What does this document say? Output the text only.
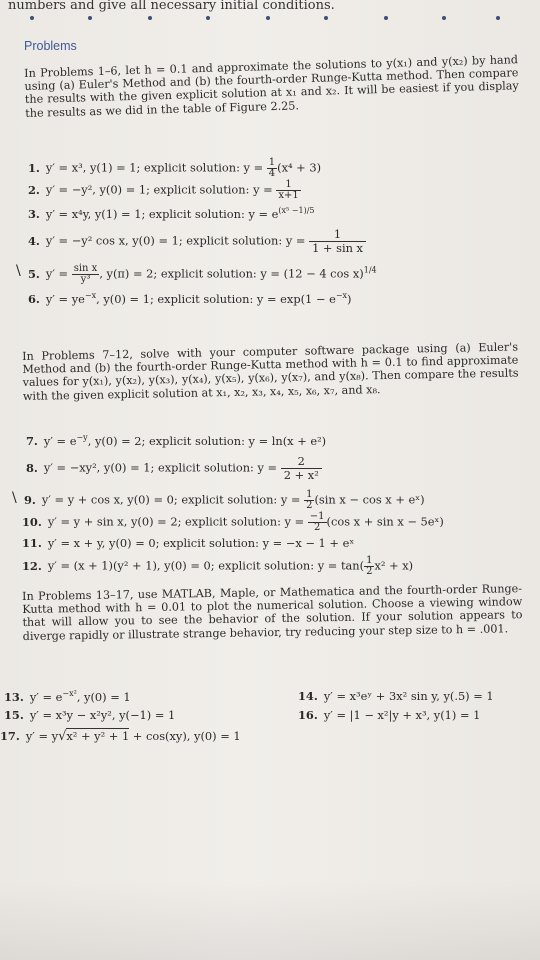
numbers and give all necessary initial conditions.
Problems
In Problems 1–6, let h = 0.1 and approximate the solutions to y(x₁) and y(x₂) by hand using (a) Euler's Method and (b) the fourth-order Runge-Kutta method. Then compare the results with the given explicit solution at x₁ and x₂. It will be easiest if you display the results as we did in the table of Figure 2.25.
1. y′ = x³, y(1) = 1; explicit solution: $y = \frac{1}{4} (x^4 + 3)$
2. y′ = −y², y(0) = 1; explicit solution: $y = \frac{1}{x+1}$
3. y′ = x⁴y, y(1) = 1; explicit solution: $y = e^{(x^5 -1)/5}$
4. y′ = −y² cos x, y(0) = 1; explicit solution: $y = \frac{1}{\text{1 + sin x}}$
\ 5. $y' = \frac{\text{sin x}}{\text{y³}}$ , y(π) = 2; explicit solution: y = (12 − 4 cos x)$^{1/4}$
6. $y' = ye^{-x}$, y(0) = 1; explicit solution: $y = \exp(1 - e^{-x})$
In Problems 7–12, solve with your computer software package using (a) Euler's Method and (b) the fourth-order Runge-Kutta method with h = 0.1 to find approximate values for y(x₁), y(x₂), y(x₃), y(x₄), y(x₅), y(x₆), y(x₇), and y(x₈). Then compare the results with the given explicit solution at x₁, x₂, x₃, x₄, x₅, x₆, x₇, and x₈.
7. $y' = e^{-y}$, y(0) = 2; explicit solution: y = ln(x + e²)
8. y′ = −xy², y(0) = 1; explicit solution: $y = \frac{2}{\text{2 + x²}}$
\ 9. y′ = y + cos x, y(0) = 0; explicit solution: $y = \frac{1}{2} (\sin$ x − cos x + eˣ)
10. y′ = y + sin x, y(0) = 2; explicit solution: $y = \frac{-1}{2} (\cos$ x + sin x − 5eˣ)
11. y′ = x + y, y(0) = 0; explicit solution: y = −x − 1 + eˣ
12. y′ = (x + 1)(y² + 1), y(0) = 0; explicit solution: $y = \tan( \frac{1}{2} x^2 + x)$
In Problems 13–17, use MATLAB, Maple, or Mathematica and the fourth-order Runge-Kutta method with h = 0.01 to plot the numerical solution. Choose a viewing window that will allow you to see the behavior of the solution. If your solution appears to diverge rapidly or illustrate strange behavior, try reducing your step size to h = .001.
13. $y' = e^{-x^2}$, y(0) = 1	14. y′ = x³eʸ + 3x² sin y, y(.5) = 1
15. y′ = x³y − x²y², y(−1) = 1	16. y′ = |1 − x²|y + x³, y(1) = 1
17. y′ = y√x² + y² + 1 + cos(xy), y(0) = 1
